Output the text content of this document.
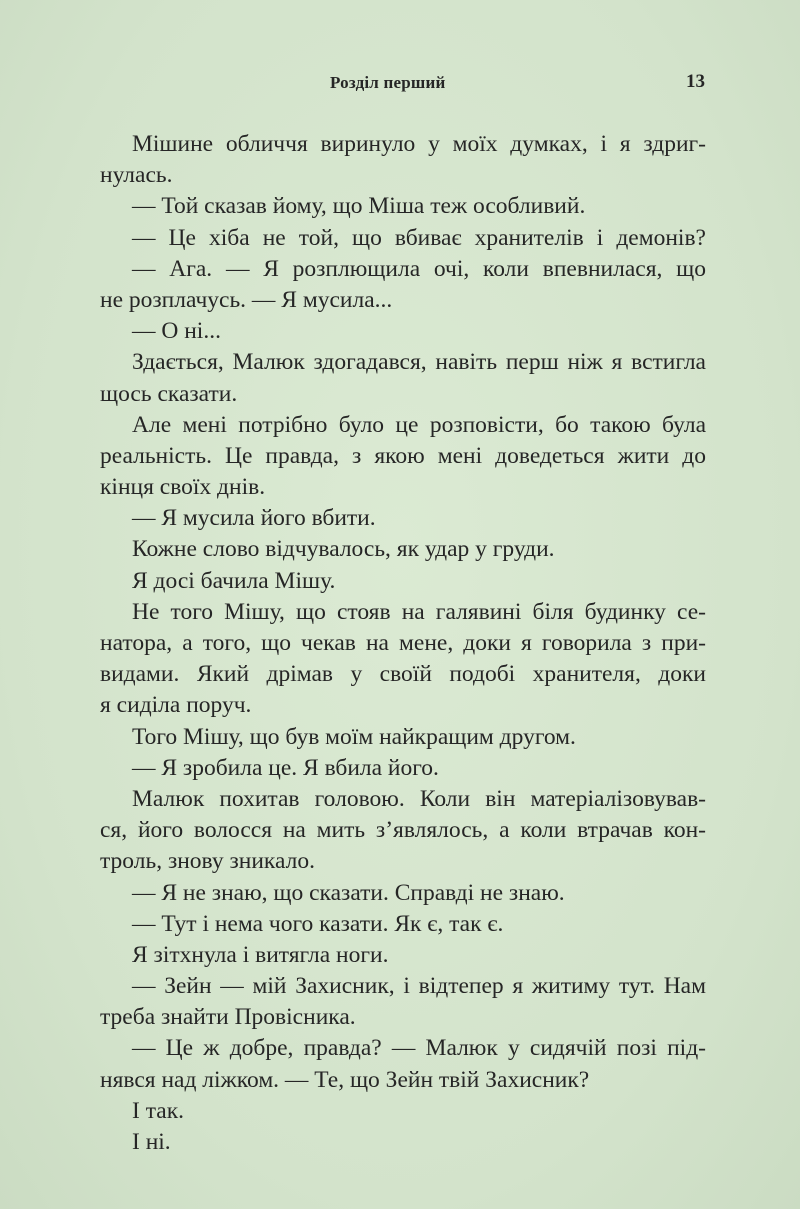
Розділ перший	13
Мішине обличчя виринуло у моїх думках, і я здриг-
нулась.
— Той сказав йому, що Міша теж особливий.
— Це хіба не той, що вбиває хранителів і демонів?
— Ага. — Я розплющила очі, коли впевнилася, що
не розплачусь. — Я мусила...
— О ні...
Здається, Малюк здогадався, навіть перш ніж я встигла
щось сказати.
Але мені потрібно було це розповісти, бо такою була
реальність. Це правда, з якою мені доведеться жити до
кінця своїх днів.
— Я мусила його вбити.
Кожне слово відчувалось, як удар у груди.
Я досі бачила Мішу.
Не того Мішу, що стояв на галявині біля будинку се-
натора, а того, що чекав на мене, доки я говорила з при-
видами. Який дрімав у своїй подобі хранителя, доки
я сиділа поруч.
Того Мішу, що був моїм найкращим другом.
— Я зробила це. Я вбила його.
Малюк похитав головою. Коли він матеріалізовував-
ся, його волосся на мить з’являлось, а коли втрачав кон-
троль, знову зникало.
— Я не знаю, що сказати. Справді не знаю.
— Тут і нема чого казати. Як є, так є.
Я зітхнула і витягла ноги.
— Зейн — мій Захисник, і відтепер я житиму тут. Нам
треба знайти Провісника.
— Це ж добре, правда? — Малюк у сидячій позі під-
нявся над ліжком. — Те, що Зейн твій Захисник?
І так.
І ні.
